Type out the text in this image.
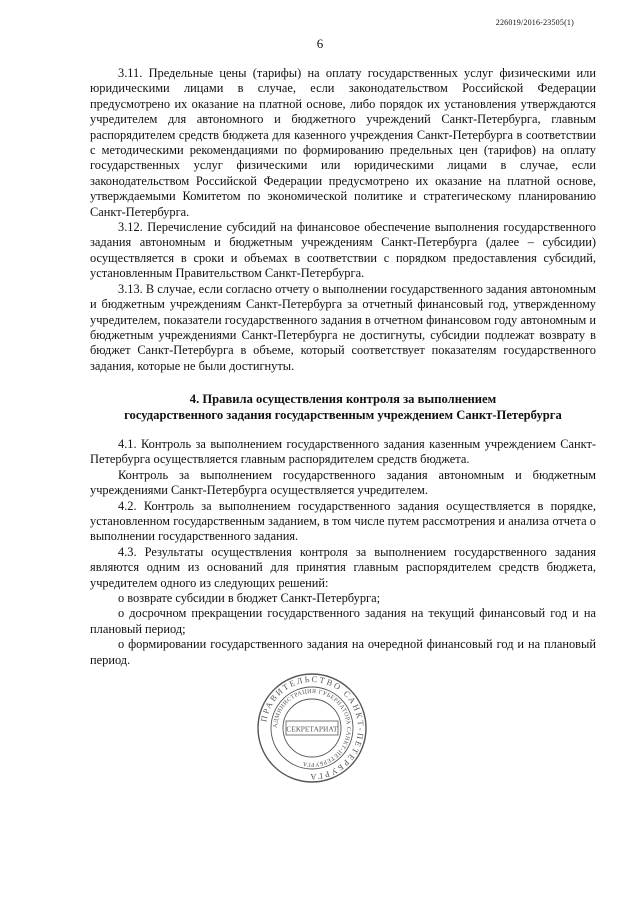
226019/2016-23505(1)
6

3.11. Предельные цены (тарифы) на оплату государственных услуг физическими или юридическими лицами в случае, если законодательством Российской Федерации предусмотрено их оказание на платной основе, либо порядок их установления утверждаются учредителем для автономного и бюджетного учреждений Санкт-Петербурга, главным распорядителем средств бюджета для казенного учреждения Санкт-Петербурга в соответствии с методическими рекомендациями по формированию предельных цен (тарифов) на оплату государственных услуг физическими или юридическими лицами в случае, если законодательством Российской Федерации предусмотрено их оказание на платной основе, утверждаемыми Комитетом по экономической политике и стратегическому планированию Санкт-Петербурга.

3.12. Перечисление субсидий на финансовое обеспечение выполнения государственного задания автономным и бюджетным учреждениям Санкт-Петербурга (далее – субсидии) осуществляется в сроки и объемах в соответствии с порядком предоставления субсидий, установленным Правительством Санкт-Петербурга.

3.13. В случае, если согласно отчету о выполнении государственного задания автономным и бюджетным учреждениям Санкт-Петербурга за отчетный финансовый год, утвержденному учредителем, показатели государственного задания в отчетном финансовом году автономным и бюджетным учреждениями Санкт-Петербурга не достигнуты, субсидии подлежат возврату в бюджет Санкт-Петербурга в объеме, который соответствует показателям государственного задания, которые не были достигнуты.

4. Правила осуществления контроля за выполнением
государственного задания государственным учреждением Санкт-Петербурга

4.1. Контроль за выполнением государственного задания казенным учреждением Санкт-Петербурга осуществляется главным распорядителем средств бюджета.

Контроль за выполнением государственного задания автономным и бюджетным учреждениями Санкт-Петербурга осуществляется учредителем.

4.2. Контроль за выполнением государственного задания осуществляется в порядке, установленном государственным заданием, в том числе путем рассмотрения и анализа отчета о выполнении государственного задания.

4.3. Результаты осуществления контроля за выполнением государственного задания являются одним из оснований для принятия главным распорядителем средств бюджета, учредителем одного из следующих решений:

о возврате субсидии в бюджет Санкт-Петербурга;

о досрочном прекращении государственного задания на текущий финансовый год и на плановый период;

о формировании государственного задания на очередной финансовый год и на плановый период.

ПРАВИТЕЛЬСТВО САНКТ-ПЕТЕРБУРГА
АДМИНИСТРАЦИЯ ГУБЕРНАТОРА САНКТ-ПЕТЕРБУРГА
СЕКРЕТАРИАТ
